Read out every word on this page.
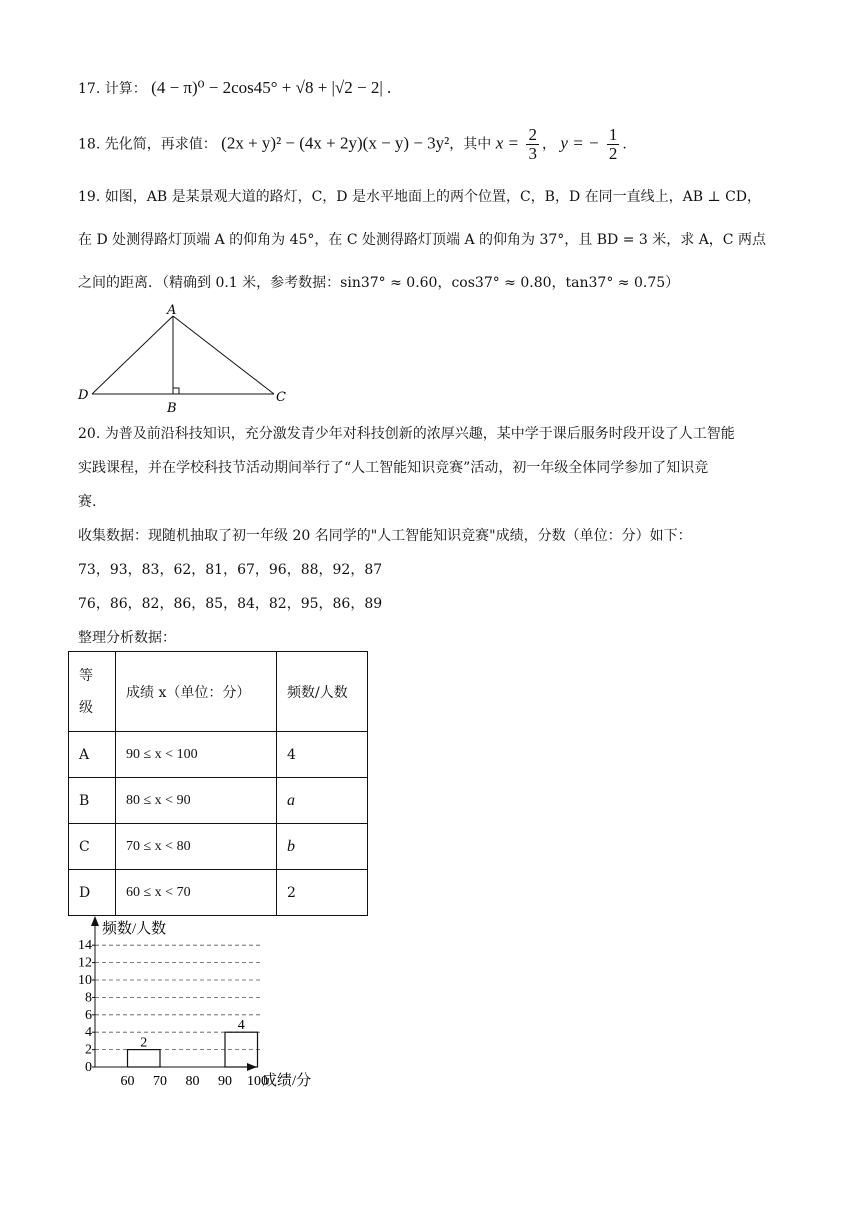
17. 计算： (4 − π)⁰ − 2cos45° + √8 + |√2 − 2| .
18. 先化简，再求值： (2x + y)² − (4x + 2y)(x − y) − 3y²，其中 $x = \frac{2}{3}$ ， y = − $\frac{1}{2}$ .
19. 如图，AB 是某景观大道的路灯，C，D 是水平地面上的两个位置，C，B，D 在同一直线上，AB ⊥ CD，
在 D 处测得路灯顶端 A 的仰角为 45°，在 C 处测得路灯顶端 A 的仰角为 37°，且 BD = 3 米，求 A，C 两点
之间的距离．（精确到 0.1 米，参考数据：sin37° ≈ 0.60，cos37° ≈ 0.80，tan37° ≈ 0.75）
A
B
C
D
20. 为普及前沿科技知识，充分激发青少年对科技创新的浓厚兴趣，某中学于课后服务时段开设了人工智能
实践课程，并在学校科技节活动期间举行了“人工智能知识竞赛”活动，初一年级全体同学参加了知识竞
赛.
收集数据：现随机抽取了初一年级 20 名同学的"人工智能知识竞赛"成绩，分数（单位：分）如下：
73，93，83，62，81，67，96，88，92，87
76，86，82，86，85，84，82，95，86，89
整理分析数据：
等
级	成绩 x（单位：分）	频数/人数
A	90 ≤ x < 100	4
B	80 ≤ x < 90	a
C	70 ≤ x < 80	b
D	60 ≤ x < 70	2
2
4
0
2
4
6
8
10
12
14
60 70 80 90 100
频数/人数
成绩/分
